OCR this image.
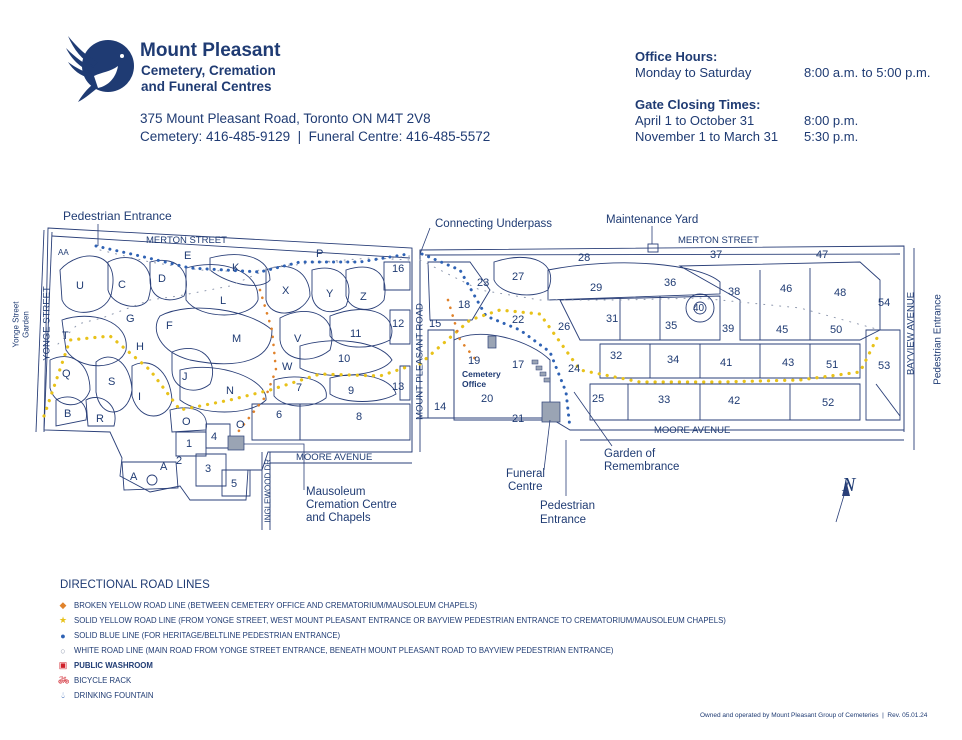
Mount Pleasant
Cemetery, Cremation
and Funeral Centres
375 Mount Pleasant Road, Toronto ON M4T 2V8
Cemetery: 416-485-9129  |  Funeral Centre: 416-485-5572
Office Hours:
Monday to Saturday	8:00 a.m. to 5:00 p.m.
Gate Closing Times:
April 1 to October 31	8:00 p.m.
November 1 to March 31 5:30 p.m.
MERTON STREET	MERTON STREET
MOORE AVENUE
MOORE AVENUE
MOUNT PLEASANT ROAD
YONGE STREET	BAYVIEW AVENUE
INGLEWOOD DR.
Pedestrian Entrance
Connecting Underpass	Maintenance Yard
Yonge Street Garden	Pedestrian Entrance
Cemetery
Office
Funeral
Centre
Pedestrian
Entrance
Garden of
Remembrance
Mausoleum
Cremation Centre
and Chapels
N
AA	E
K
P
16
U	C	D
L
X	Y Z
T
G
F
M	V	11
12 15
H
J
10
S
Q
I	N
W
7	9	13
B R	O	O
6	8
4
1
2
3
A
A
5
23 27
28
29
37
36
38
47
46	48
18
22
26
31
40
35	39	45	50
54
19	17	24
32	34	41	43	51	53
20
21
14
25	33	42	52
DIRECTIONAL ROAD LINES
◆ BROKEN YELLOW ROAD LINE (BETWEEN CEMETERY OFFICE AND CREMATORIUM/MAUSOLEUM CHAPELS)
★ SOLID YELLOW ROAD LINE (FROM YONGE STREET, WEST MOUNT PLEASANT ENTRANCE OR BAYVIEW PEDESTRIAN ENTRANCE TO CREMATORIUM/MAUSOLEUM CHAPELS)
● SOLID BLUE LINE (FOR HERITAGE/BELTLINE PEDESTRIAN ENTRANCE)
○ WHITE ROAD LINE (MAIN ROAD FROM YONGE STREET ENTRANCE, BENEATH MOUNT PLEASANT ROAD TO BAYVIEW PEDESTRIAN ENTRANCE)
▣ PUBLIC WASHROOM
🚲︎ BICYCLE RACK
💧︎	DRINKING FOUNTAIN
Owned and operated by Mount Pleasant Group of Cemeteries  |  Rev. 05.01.24
